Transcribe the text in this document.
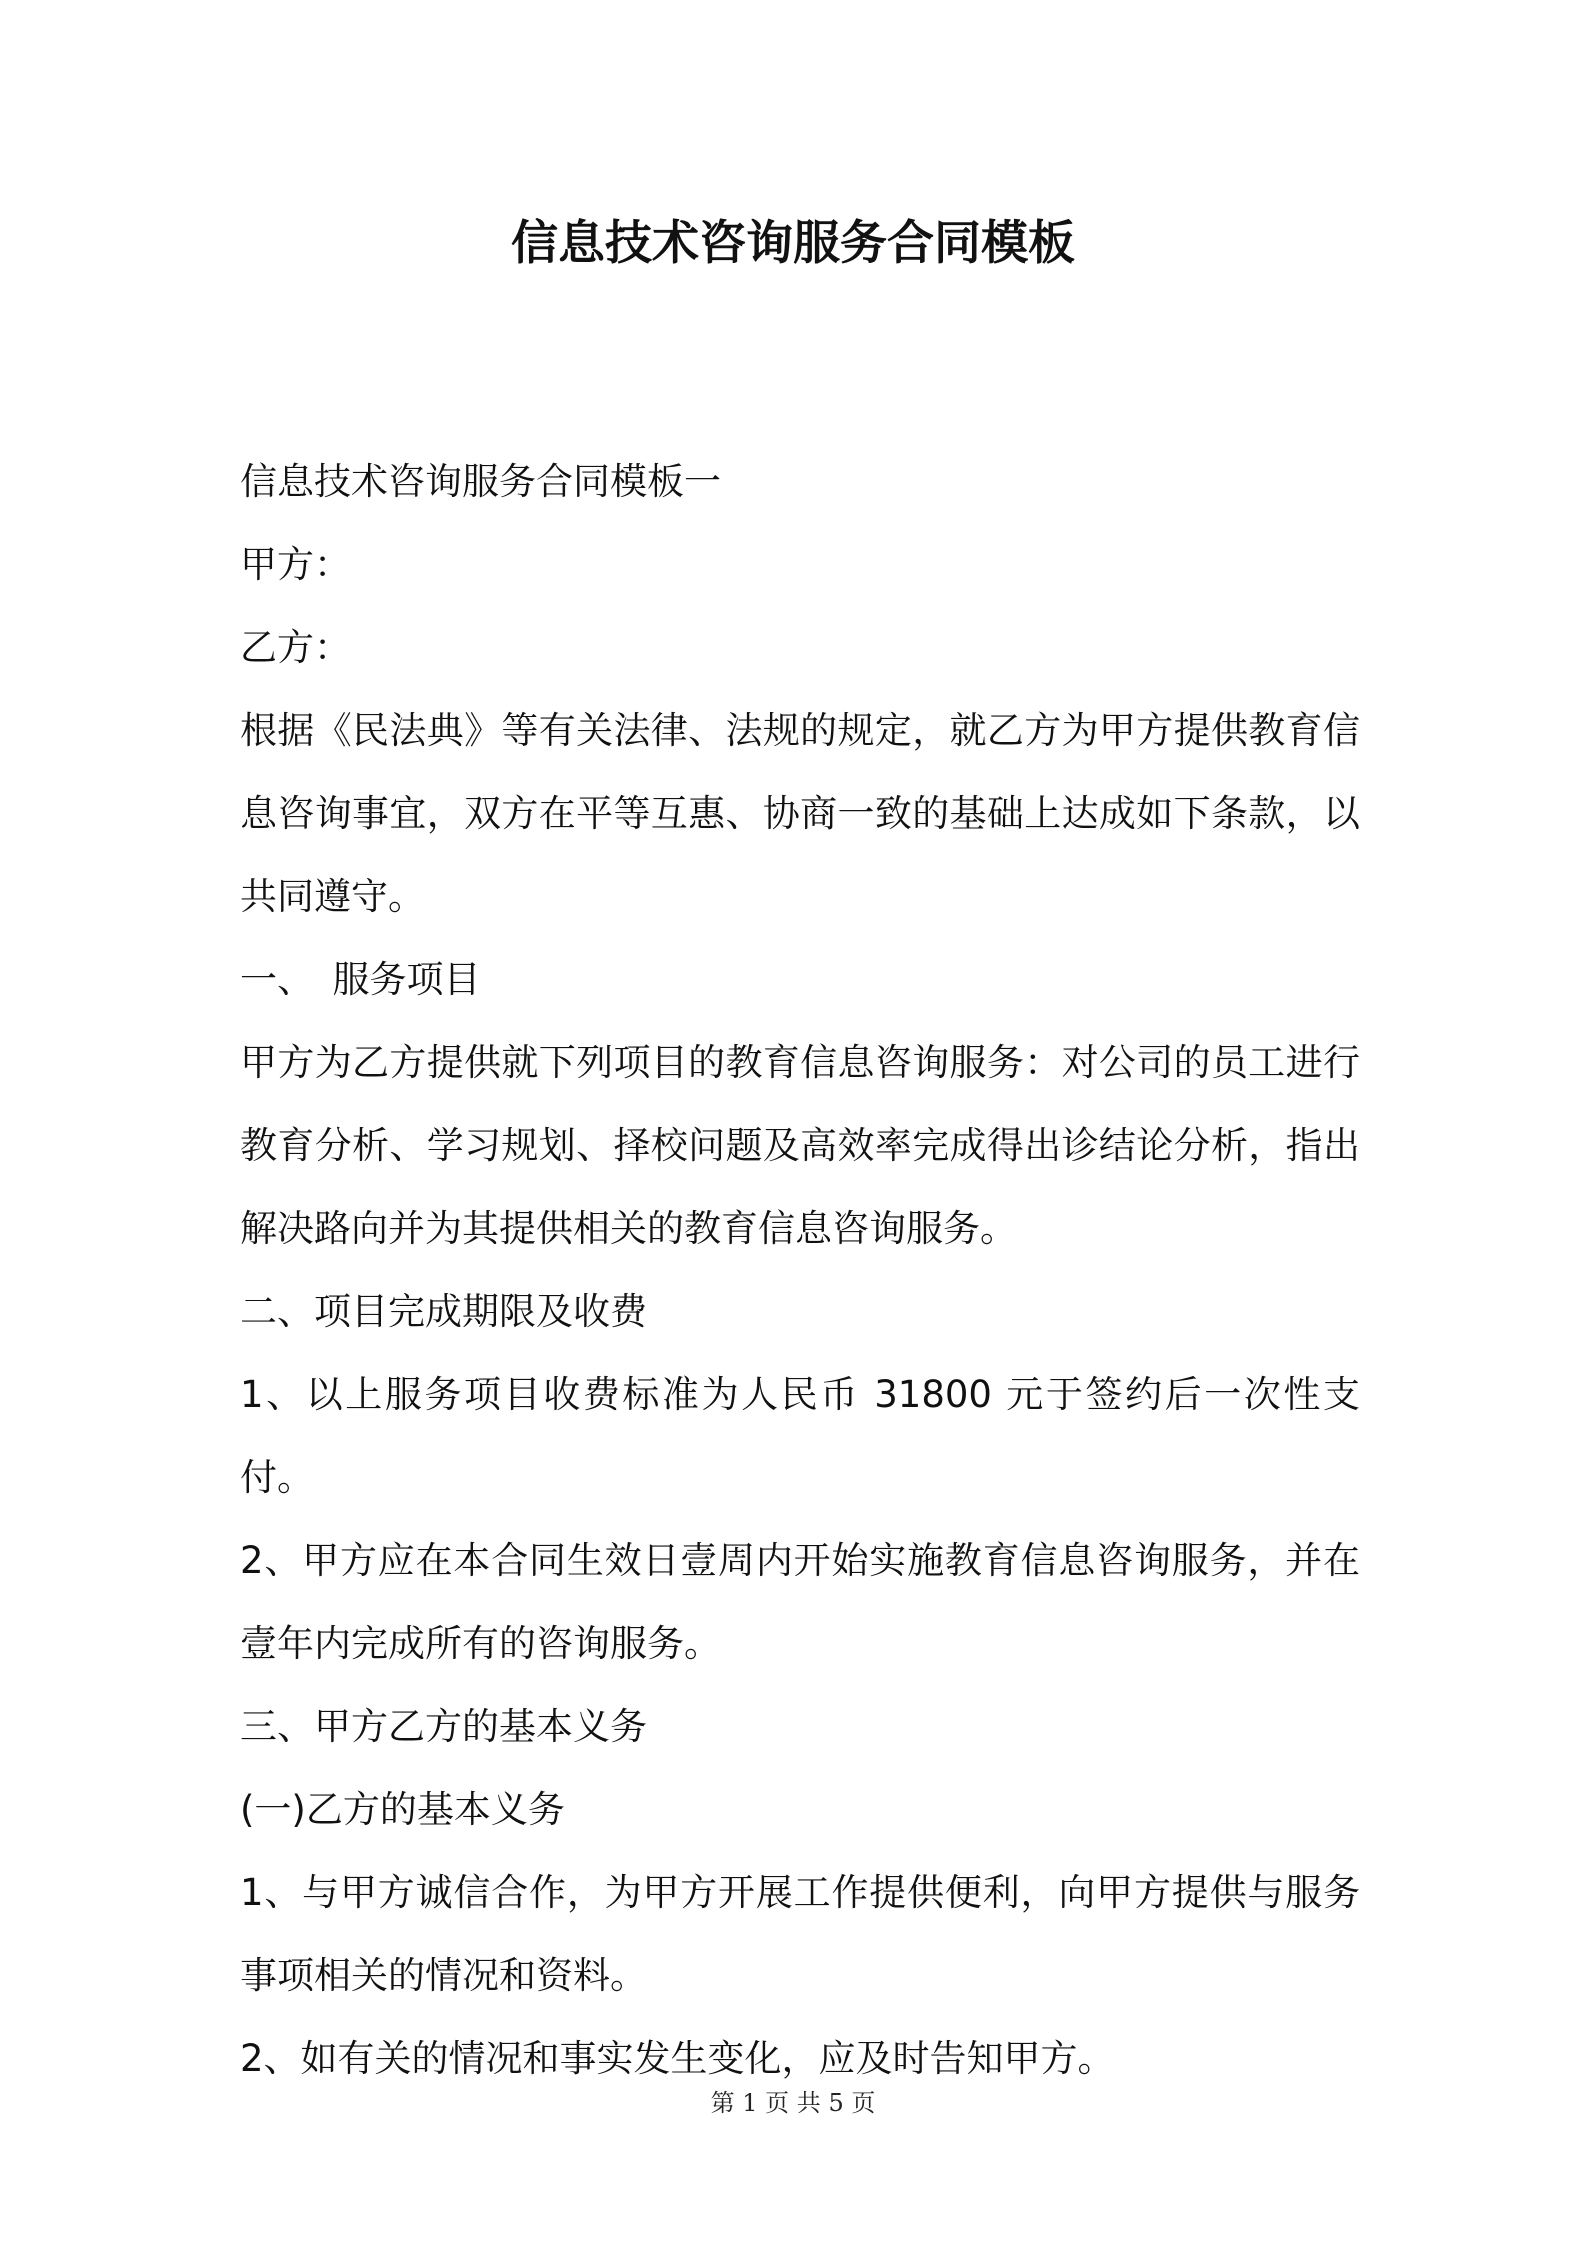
信息技术咨询服务合同模板

信息技术咨询服务合同模板一

甲方：

乙方：

根据《民法典》等有关法律、法规的规定，就乙方为甲方提供教育信息咨询事宜，双方在平等互惠、协商一致的基础上达成如下条款，以共同遵守。

一、　服务项目

甲方为乙方提供就下列项目的教育信息咨询服务：对公司的员工进行教育分析、学习规划、择校问题及高效率完成得出诊结论分析，指出解决路向并为其提供相关的教育信息咨询服务。

二、项目完成期限及收费

1、以上服务项目收费标准为人民币 31800 元于签约后一次性支付。

2、甲方应在本合同生效日壹周内开始实施教育信息咨询服务，并在壹年内完成所有的咨询服务。

三、甲方乙方的基本义务

(一)乙方的基本义务

1、与甲方诚信合作，为甲方开展工作提供便利，向甲方提供与服务事项相关的情况和资料。

2、如有关的情况和事实发生变化，应及时告知甲方。

第 1 页 共 5 页
